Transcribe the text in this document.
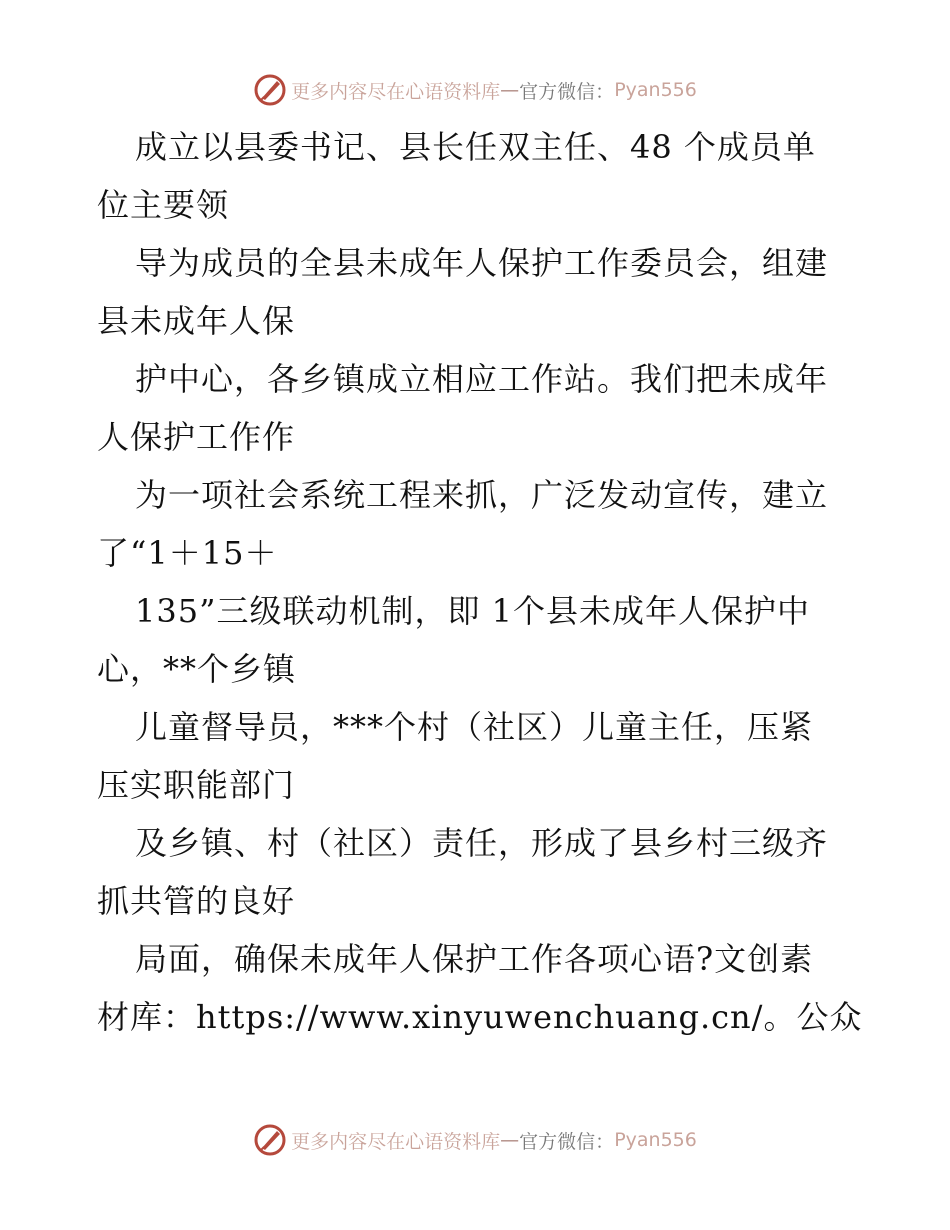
更多内容尽在心语资料库 — 官方微信： Pyan556
成立以县委书记、县长任双主任、48 个成员单
位主要领
导为成员的全县未成年人保护工作委员会，组建
县未成年人保
护中心，各乡镇成立相应工作站。我们把未成年
人保护工作作
为一项社会系统工程来抓，广泛发动宣传，建立
了“1＋15＋
135”三级联动机制，即 1个县未成年人保护中
心，**个乡镇
儿童督导员，***个村（社区）儿童主任，压紧
压实职能部门
及乡镇、村（社区）责任，形成了县乡村三级齐
抓共管的良好
局面，确保未成年人保护工作各项心语?文创素
材库：https://www.xinyuwenchuang.cn/。公众
更多内容尽在心语资料库 — 官方微信： Pyan556
